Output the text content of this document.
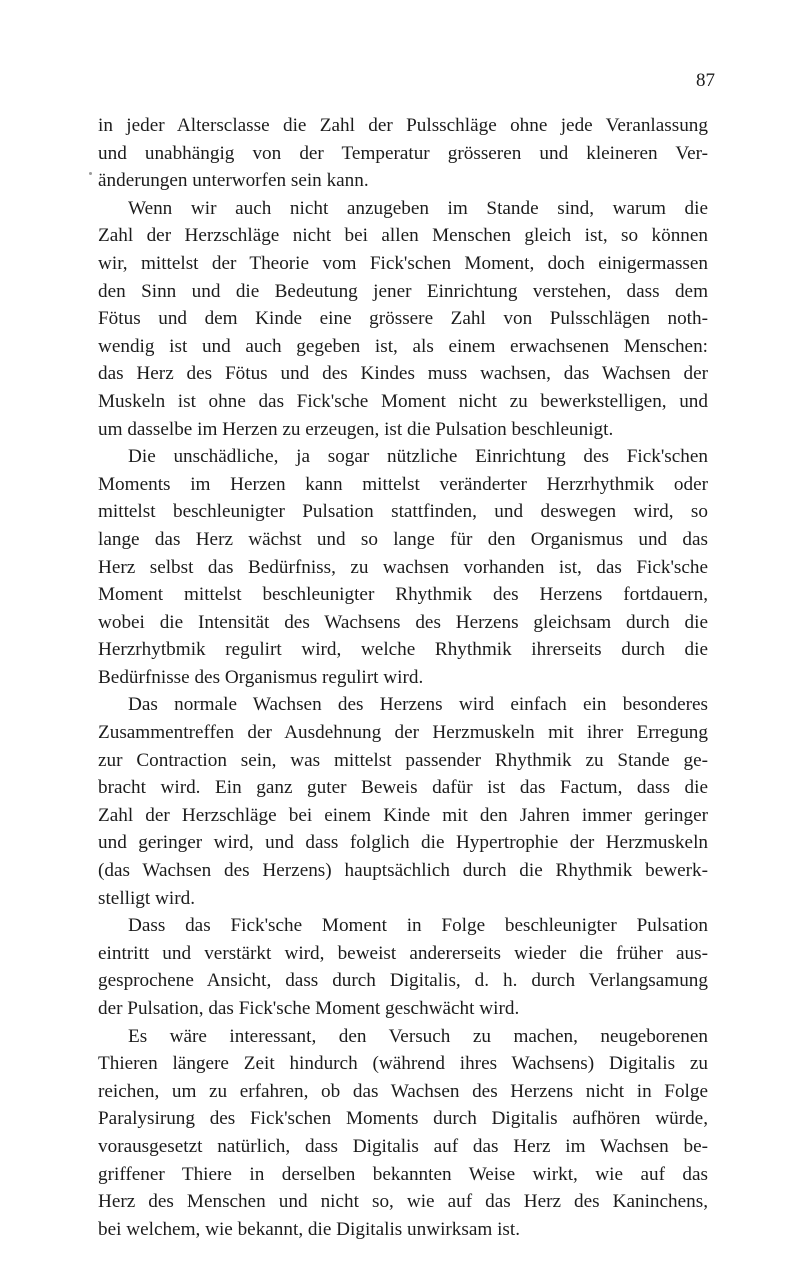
87

in jeder Altersclasse die Zahl der Pulsschläge ohne jede Veranlassung
und unabhängig von der Temperatur grösseren und kleineren Ver-
änderungen unterworfen sein kann.

Wenn wir auch nicht anzugeben im Stande sind, warum die
Zahl der Herzschläge nicht bei allen Menschen gleich ist, so können
wir, mittelst der Theorie vom Fick'schen Moment, doch einigermassen
den Sinn und die Bedeutung jener Einrichtung verstehen, dass dem
Fötus und dem Kinde eine grössere Zahl von Pulsschlägen noth-
wendig ist und auch gegeben ist, als einem erwachsenen Menschen:
das Herz des Fötus und des Kindes muss wachsen, das Wachsen der
Muskeln ist ohne das Fick'sche Moment nicht zu bewerkstelligen, und
um dasselbe im Herzen zu erzeugen, ist die Pulsation beschleunigt.

Die unschädliche, ja sogar nützliche Einrichtung des Fick'schen
Moments im Herzen kann mittelst veränderter Herzrhythmik oder
mittelst beschleunigter Pulsation stattfinden, und deswegen wird, so
lange das Herz wächst und so lange für den Organismus und das
Herz selbst das Bedürfniss, zu wachsen vorhanden ist, das Fick'sche
Moment mittelst beschleunigter Rhythmik des Herzens fortdauern,
wobei die Intensität des Wachsens des Herzens gleichsam durch die
Herzrhytbmik regulirt wird, welche Rhythmik ihrerseits durch die
Bedürfnisse des Organismus regulirt wird.

Das normale Wachsen des Herzens wird einfach ein besonderes
Zusammentreffen der Ausdehnung der Herzmuskeln mit ihrer Erregung
zur Contraction sein, was mittelst passender Rhythmik zu Stande ge-
bracht wird. Ein ganz guter Beweis dafür ist das Factum, dass die
Zahl der Herzschläge bei einem Kinde mit den Jahren immer geringer
und geringer wird, und dass folglich die Hypertrophie der Herzmuskeln
(das Wachsen des Herzens) hauptsächlich durch die Rhythmik bewerk-
stelligt wird.

Dass das Fick'sche Moment in Folge beschleunigter Pulsation
eintritt und verstärkt wird, beweist andererseits wieder die früher aus-
gesprochene Ansicht, dass durch Digitalis, d. h. durch Verlangsamung
der Pulsation, das Fick'sche Moment geschwächt wird.

Es wäre interessant, den Versuch zu machen, neugeborenen
Thieren längere Zeit hindurch (während ihres Wachsens) Digitalis zu
reichen, um zu erfahren, ob das Wachsen des Herzens nicht in Folge
Paralysirung des Fick'schen Moments durch Digitalis aufhören würde,
vorausgesetzt natürlich, dass Digitalis auf das Herz im Wachsen be-
griffener Thiere in derselben bekannten Weise wirkt, wie auf das
Herz des Menschen und nicht so, wie auf das Herz des Kaninchens,
bei welchem, wie bekannt, die Digitalis unwirksam ist.
